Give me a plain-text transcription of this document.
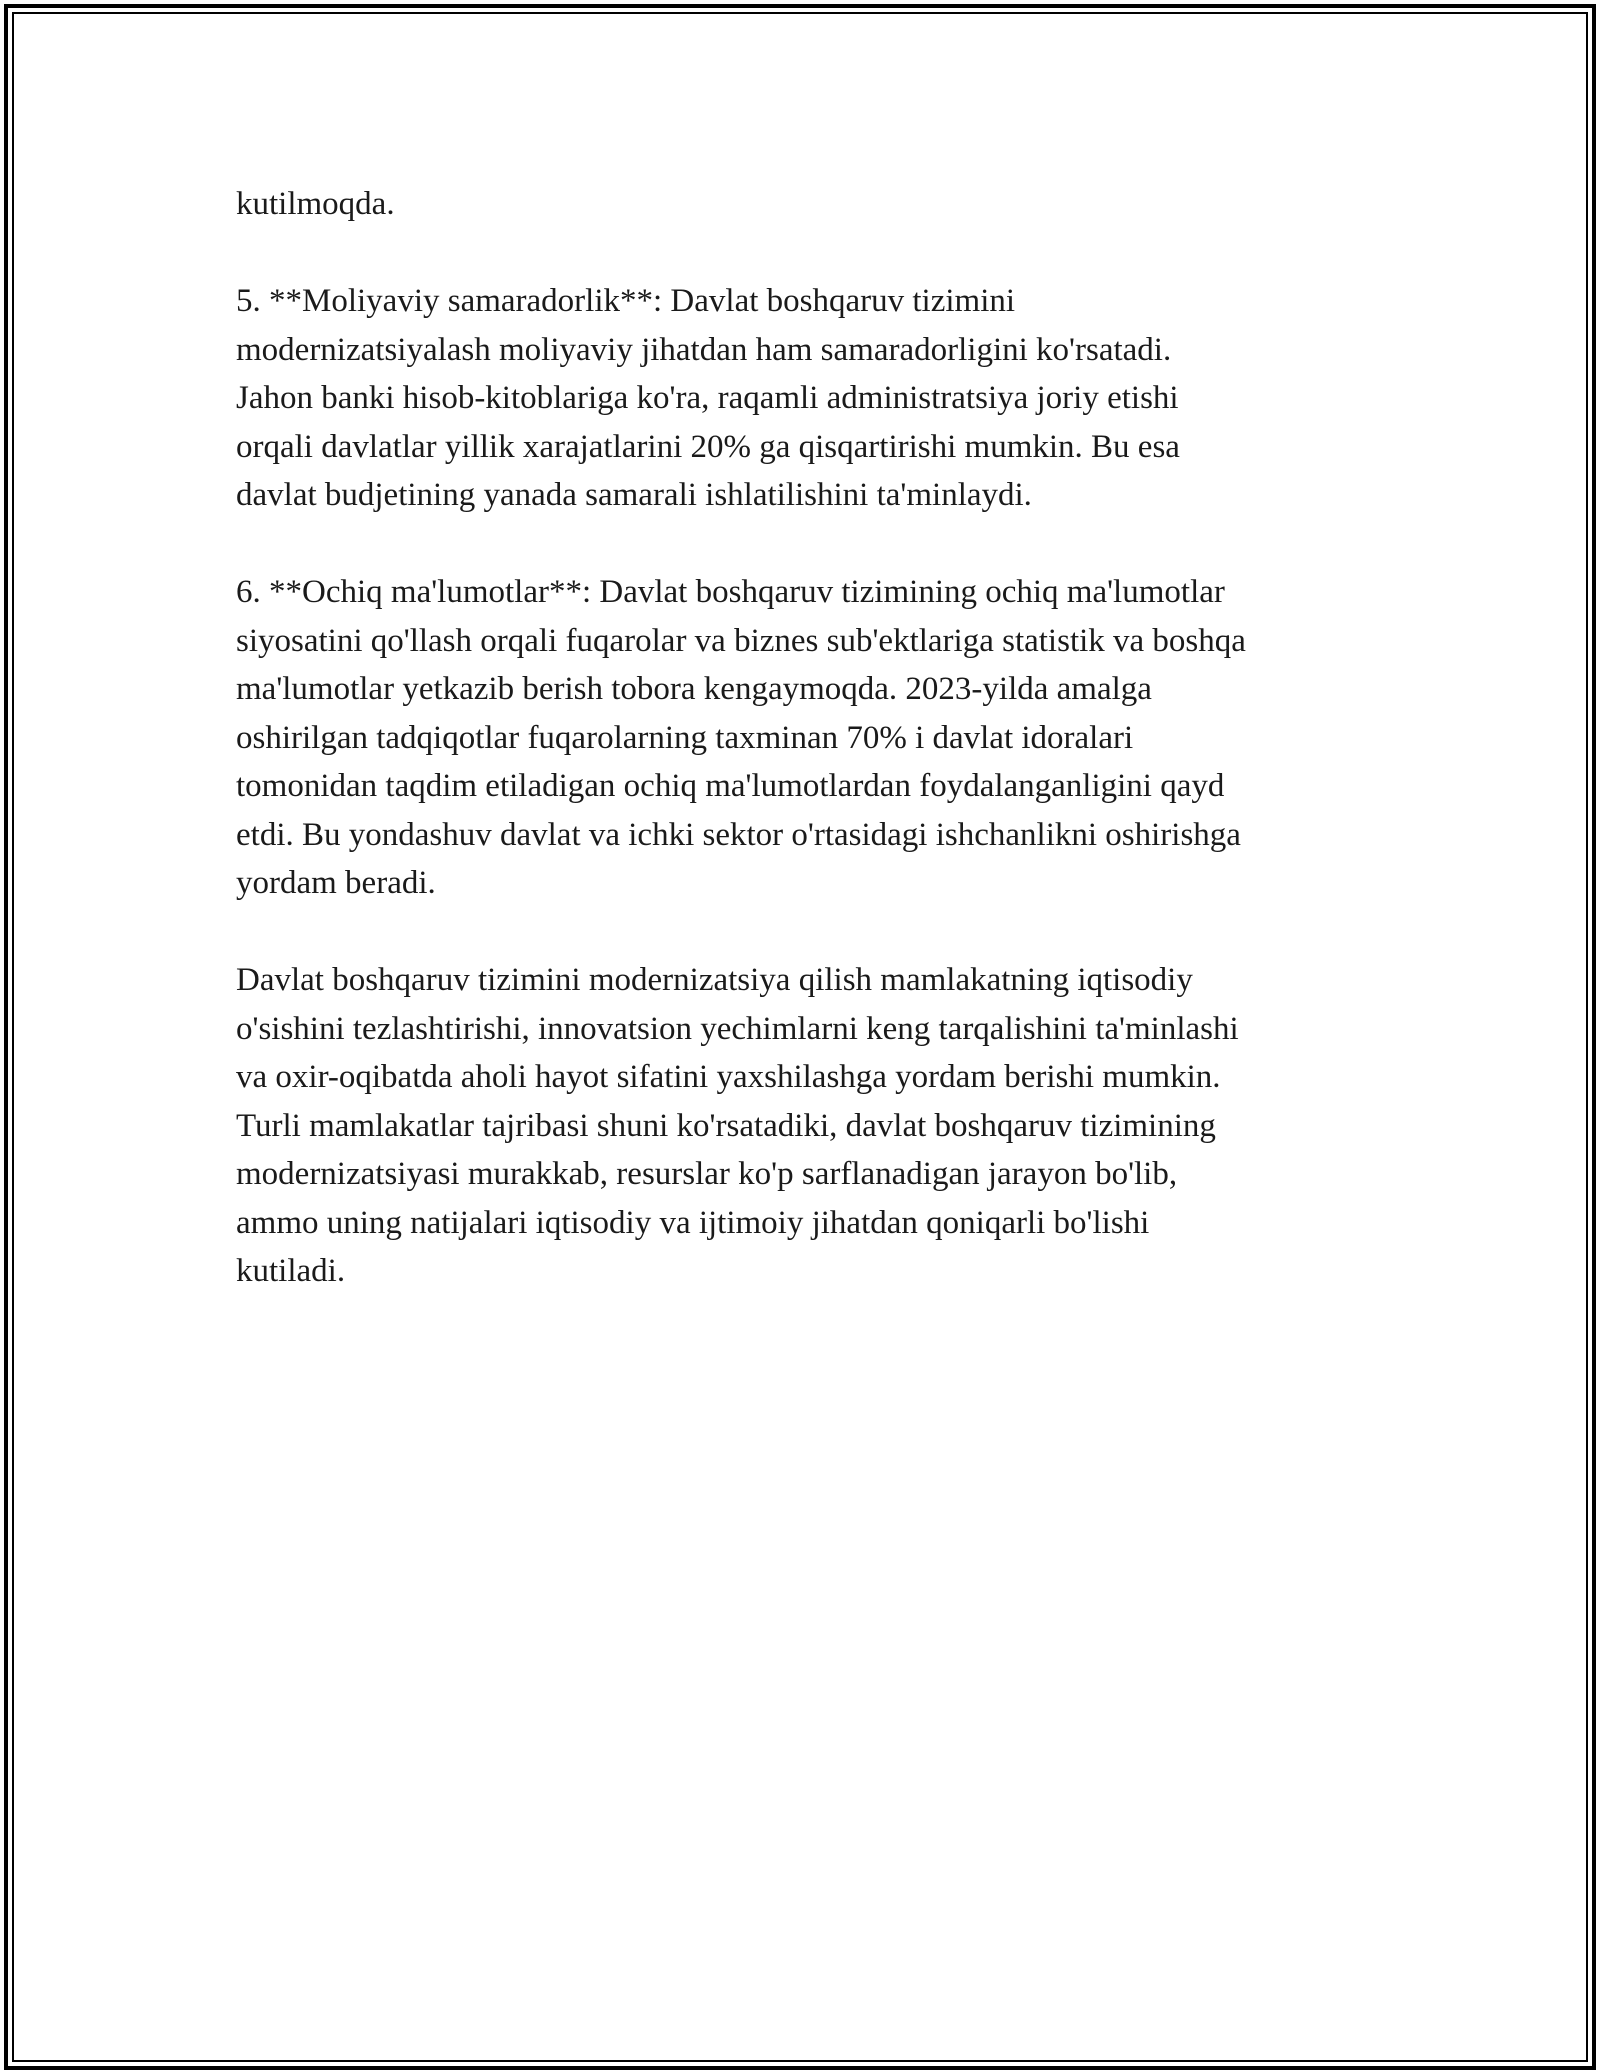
kutilmoqda.

5. **Moliyaviy samaradorlik**: Davlat boshqaruv tizimini
modernizatsiyalash moliyaviy jihatdan ham samaradorligini ko'rsatadi.
Jahon banki hisob-kitoblariga ko'ra, raqamli administratsiya joriy etishi
orqali davlatlar yillik xarajatlarini 20% ga qisqartirishi mumkin. Bu esa
davlat budjetining yanada samarali ishlatilishini ta'minlaydi.

6. **Ochiq ma'lumotlar**: Davlat boshqaruv tizimining ochiq ma'lumotlar
siyosatini qo'llash orqali fuqarolar va biznes sub'ektlariga statistik va boshqa
ma'lumotlar yetkazib berish tobora kengaymoqda. 2023-yilda amalga
oshirilgan tadqiqotlar fuqarolarning taxminan 70% i davlat idoralari
tomonidan taqdim etiladigan ochiq ma'lumotlardan foydalanganligini qayd
etdi. Bu yondashuv davlat va ichki sektor o'rtasidagi ishchanlikni oshirishga
yordam beradi.

Davlat boshqaruv tizimini modernizatsiya qilish mamlakatning iqtisodiy
o'sishini tezlashtirishi, innovatsion yechimlarni keng tarqalishini ta'minlashi
va oxir-oqibatda aholi hayot sifatini yaxshilashga yordam berishi mumkin.
Turli mamlakatlar tajribasi shuni ko'rsatadiki, davlat boshqaruv tizimining
modernizatsiyasi murakkab, resurslar ko'p sarflanadigan jarayon bo'lib,
ammo uning natijalari iqtisodiy va ijtimoiy jihatdan qoniqarli bo'lishi
kutiladi.
